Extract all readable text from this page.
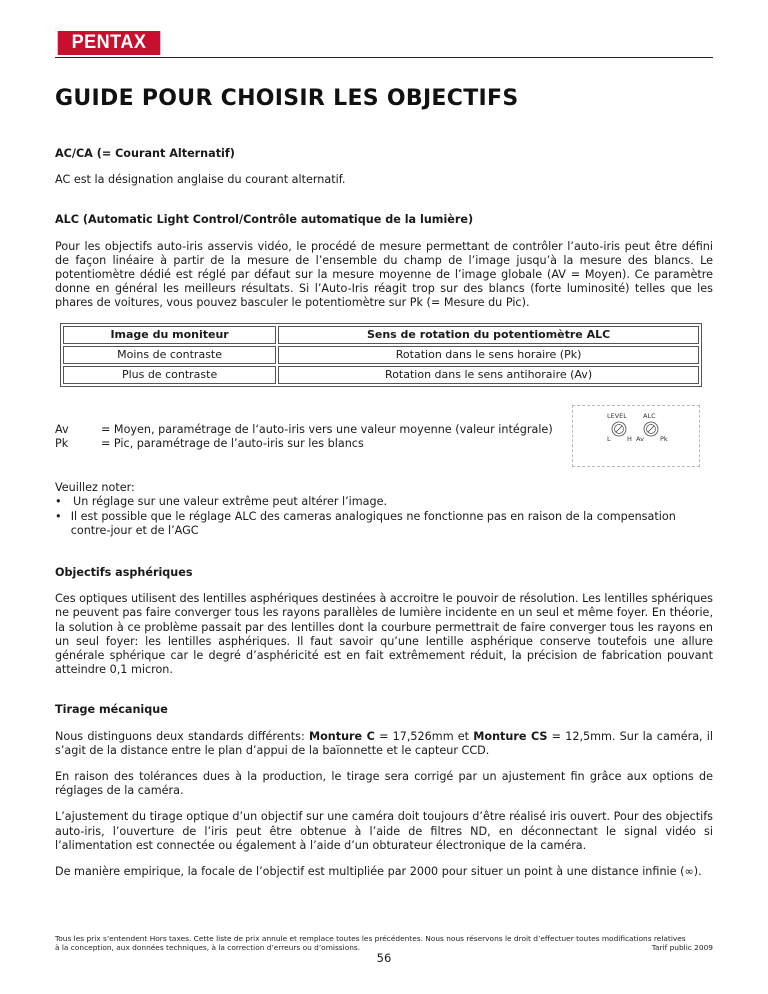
PENTAX
GUIDE POUR CHOISIR LES OBJECTIFS
AC/CA (= Courant Alternatif)
AC est la désignation anglaise du courant alternatif.
ALC (Automatic Light Control/Contrôle automatique de la lumière)
Pour les objectifs auto-iris asservis vidéo, le procédé de mesure permettant de contrôler l’auto-iris peut être défini de façon linéaire à partir de la mesure de l’ensemble du champ de l’image jusqu’à la mesure des blancs. Le potentiomètre dédié est réglé par défaut sur la mesure moyenne de l’image globale (AV = Moyen). Ce paramètre donne en général les meilleurs résultats. Si l’Auto-Iris réagit trop sur des blancs (forte luminosité) telles que les phares de voitures, vous pouvez basculer le potentiomètre sur Pk (= Mesure du Pic).
Image du moniteur	Sens de rotation du potentiomètre ALC
Moins de contraste	Rotation dans le sens horaire (Pk)
Plus de contraste	Rotation dans le sens antihoraire (Av)
Av	= Moyen, paramétrage de l‘auto-iris vers une valeur moyenne (valeur intégrale)
Pk	= Pic, paramétrage de l’auto-iris sur les blancs
LEVEL ALC
L	H Av Pk
Veuillez noter:
•	Un réglage sur une valeur extrême peut altérer l’image.
• Il est possible que le réglage ALC des cameras analogiques ne fonctionne pas en raison de la compensation contre-jour et de l’AGC
Objectifs asphériques
Ces optiques utilisent des lentilles asphériques destinées à accroitre le pouvoir de résolution. Les lentilles sphériques ne peuvent pas faire converger tous les rayons parallèles de lumière incidente en un seul et même foyer. En théorie, la solution à ce problème passait par des lentilles dont la courbure permettrait de faire converger tous les rayons en un seul foyer: les lentilles asphériques. Il faut savoir qu’une lentille asphérique conserve toutefois une allure générale sphérique car le degré d’asphéricité est en fait extrêmement réduit, la précision de fabrication pouvant atteindre 0,1 micron.
Tirage mécanique
Nous distinguons deux standards différents: Monture C = 17,526mm et Monture CS = 12,5mm. Sur la caméra, il s’agit de la distance entre le plan d’appui de la baïonnette et le capteur CCD.
En raison des tolérances dues à la production, le tirage sera corrigé par un ajustement fin grâce aux options de réglages de la caméra.
L’ajustement du tirage optique d’un objectif sur une caméra doit toujours d’être réalisé iris ouvert. Pour des objectifs auto-iris, l’ouverture de l’iris peut être obtenue à l’aide de filtres ND, en déconnectant le signal vidéo si l’alimentation est connectée ou également à l’aide d’un obturateur électronique de la caméra.
De manière empirique, la focale de l’objectif est multipliée par 2000 pour situer un point à une distance infinie (∞).
Tous les prix s’entendent Hors taxes. Cette liste de prix annule et remplace toutes les précédentes. Nous nous réservons le droit d’effectuer toutes modifications relatives
à la conception, aux données techniques, à la correction d’erreurs ou d’omissions.	Tarif public 2009
56
